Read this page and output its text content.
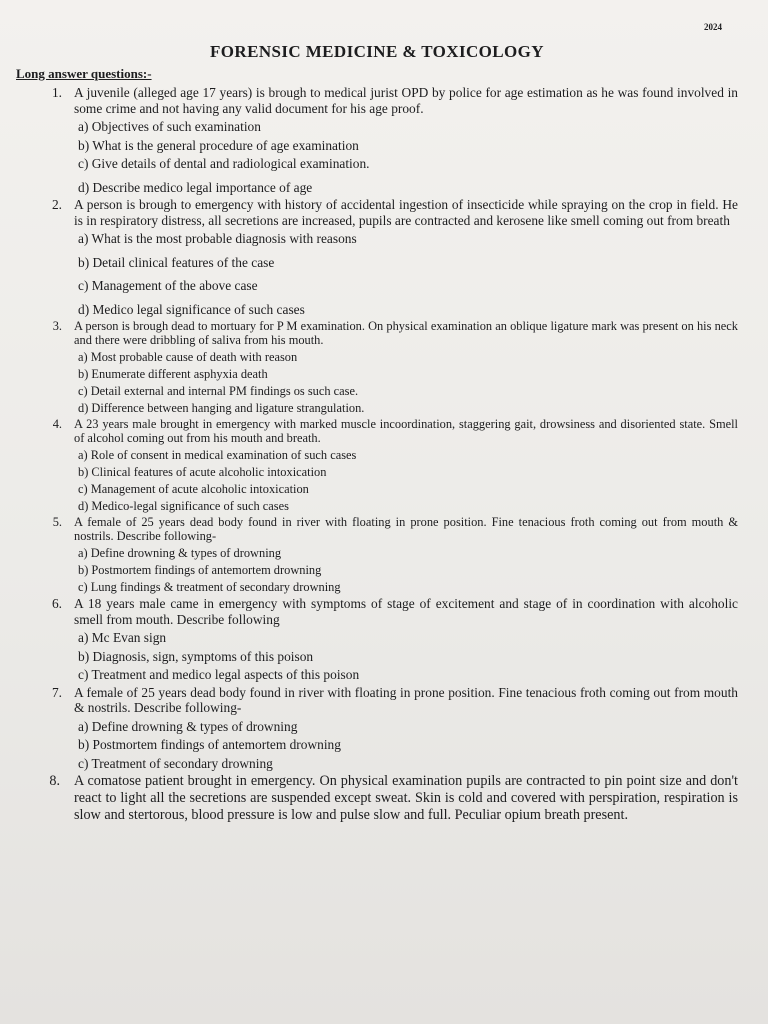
2024
FORENSIC MEDICINE & TOXICOLOGY
Long answer questions:-
1. A juvenile (alleged age 17 years) is brough to medical jurist OPD by police for age estimation as he was found involved in some crime and not having any valid document for his age proof.
a) Objectives of such examination
b) What is the general procedure of age examination
c) Give details of dental and radiological examination.
d) Describe medico legal importance of age
2. A person is brough to emergency with history of accidental ingestion of insecticide while spraying on the crop in field. He is in respiratory distress, all secretions are increased, pupils are contracted and kerosene like smell coming out from breath
a) What is the most probable diagnosis with reasons
b) Detail clinical features of the case
c) Management of the above case
d) Medico legal significance of such cases
3. A person is brough dead to mortuary for P M examination. On physical examination an oblique ligature mark was present on his neck and there were dribbling of saliva from his mouth.
a) Most probable cause of death with reason
b) Enumerate different asphyxia death
c) Detail external and internal PM findings os such case.
d) Difference between hanging and ligature strangulation.
4. A 23 years male brought in emergency with marked muscle incoordination, staggering gait, drowsiness and disoriented state. Smell of alcohol coming out from his mouth and breath.
a) Role of consent in medical examination of such cases
b) Clinical features of acute alcoholic intoxication
c) Management of acute alcoholic intoxication
d) Medico-legal significance of such cases
5. A female of 25 years dead body found in river with floating in prone position. Fine tenacious froth coming out from mouth & nostrils. Describe following-
a) Define drowning & types of drowning
b) Postmortem findings of antemortem drowning
c) Lung findings & treatment of secondary drowning
6. A 18 years male came in emergency with symptoms of stage of excitement and stage of in coordination with alcoholic smell from mouth. Describe following
a) Mc Evan sign
b) Diagnosis, sign, symptoms of this poison
c) Treatment and medico legal aspects of this poison
7. A female of 25 years dead body found in river with floating in prone position. Fine tenacious froth coming out from mouth & nostrils. Describe following-
a) Define drowning & types of drowning
b) Postmortem findings of antemortem drowning
c) Treatment of secondary drowning
8. A comatose patient brought in emergency. On physical examination pupils are contracted to pin point size and don't react to light all the secretions are suspended except sweat. Skin is cold and covered with perspiration, respiration is slow and stertorous, blood pressure is low and pulse slow and full. Peculiar opium breath present.
